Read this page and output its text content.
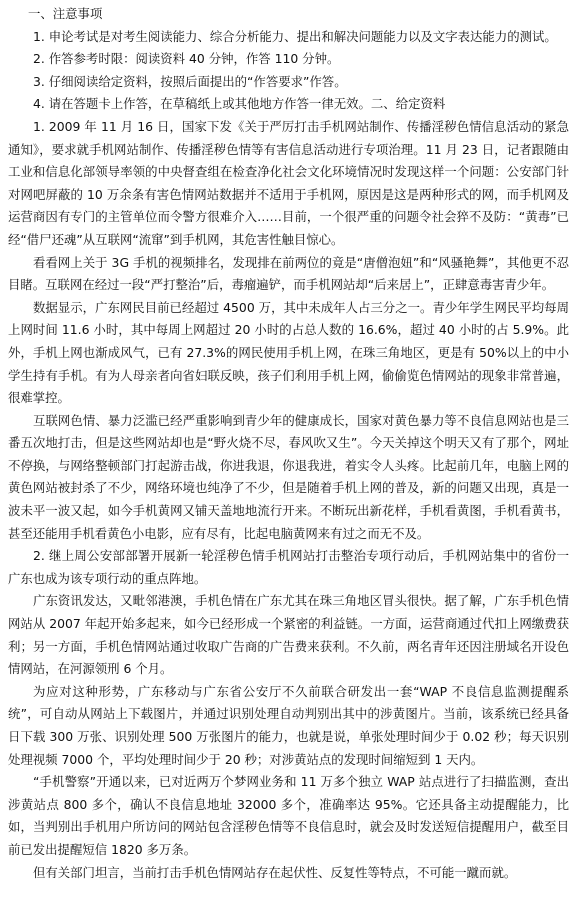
一、注意事项

1. 申论考试是对考生阅读能力、综合分析能力、提出和解决问题能力以及文字表达能力的测试。

2. 作答参考时限：阅读资料 40 分钟，作答 110 分钟。

3. 仔细阅读给定资料，按照后面提出的“作答要求”作答。

4. 请在答题卡上作答，在草稿纸上或其他地方作答一律无效。二、给定资料

1. 2009 年 11 月 16 日，国家下发《关于严厉打击手机网站制作、传播淫秽色情信息活动的紧急通知》，要求就手机网站制作、传播淫秽色情等有害信息活动进行专项治理。11 月 23 日，记者跟随由工业和信息化部领导率领的中央督查组在检查净化社会文化环境情况时发现这样一个问题：公安部门针对网吧屏蔽的 10 万余条有害色情网站数据并不适用于手机网，原因是这是两种形式的网，而手机网及运营商因有专门的主管单位而令警方很难介入……目前，一个很严重的问题令社会猝不及防：“黄毒”已经“借尸还魂”从互联网“流窜”到手机网，其危害性触目惊心。

看看网上关于 3G 手机的视频排名，发现排在前两位的竟是“唐僧泡妞”和“风骚艳舞”，其他更不忍目睹。互联网在经过一段“严打整治”后，毒瘤遍铲，而手机网站却“后来居上”，正肆意毒害青少年。

数据显示，广东网民目前已经超过 4500 万，其中未成年人占三分之一。青少年学生网民平均每周上网时间 11.6 小时，其中每周上网超过 20 小时的占总人数的 16.6%，超过 40 小时的占 5.9%。此外，手机上网也渐成风气，已有 27.3%的网民使用手机上网，在珠三角地区，更是有 50%以上的中小学生持有手机。有为人母亲者向省妇联反映，孩子们利用手机上网，偷偷览色情网站的现象非常普遍，很难掌控。

互联网色情、暴力泛滥已经严重影响到青少年的健康成长，国家对黄色暴力等不良信息网站也是三番五次地打击，但是这些网站却也是“野火烧不尽，春风吹又生”。今天关掉这个明天又有了那个，网址不停换，与网络整顿部门打起游击战，你进我退，你退我进，着实令人头疼。比起前几年，电脑上网的黄色网站被封杀了不少，网络环境也纯净了不少，但是随着手机上网的普及，新的问题又出现，真是一波未平一波又起，如今手机黄网又铺天盖地地流行开来。不断玩出新花样，手机看黄图，手机看黄书，甚至还能用手机看黄色小电影，应有尽有，比起电脑黄网来有过之而无不及。

2. 继上周公安部部署开展新一轮淫秽色情手机网站打击整治专项行动后，手机网站集中的省份一广东也成为该专项行动的重点阵地。

广东资讯发达，又毗邻港澳，手机色情在广东尤其在珠三角地区冒头很快。据了解，广东手机色情网站从 2007 年起开始多起来，如今已经形成一个紧密的利益链。一方面，运营商通过代扣上网缴费获利；另一方面，手机色情网站通过收取广告商的广告费来获利。不久前，两名青年还因注册域名开设色情网站，在河源领刑 6 个月。

为应对这种形势，广东移动与广东省公安厅不久前联合研发出一套“WAP 不良信息监测提醒系统”，可自动从网站上下载图片，并通过识别处理自动判别出其中的涉黄图片。当前，该系统已经具备日下载 300 万张、识别处理 500 万张图片的能力，也就是说，单张处理时间少于 0.02 秒；每天识别处理视频 7000 个，平均处理时间少于 20 秒；对涉黄站点的发现时间缩短到 1 天内。

“手机警察”开通以来，已对近两万个梦网业务和 11 万多个独立 WAP 站点进行了扫描监测，查出涉黄站点 800 多个，确认不良信息地址 32000 多个，准确率达 95%。它还具备主动提醒能力，比如，当判别出手机用户所访问的网站包含淫秽色情等不良信息时，就会及时发送短信提醒用户，截至目前已发出提醒短信 1820 多万条。

但有关部门坦言，当前打击手机色情网站存在起伏性、反复性等特点，不可能一蹴而就。
